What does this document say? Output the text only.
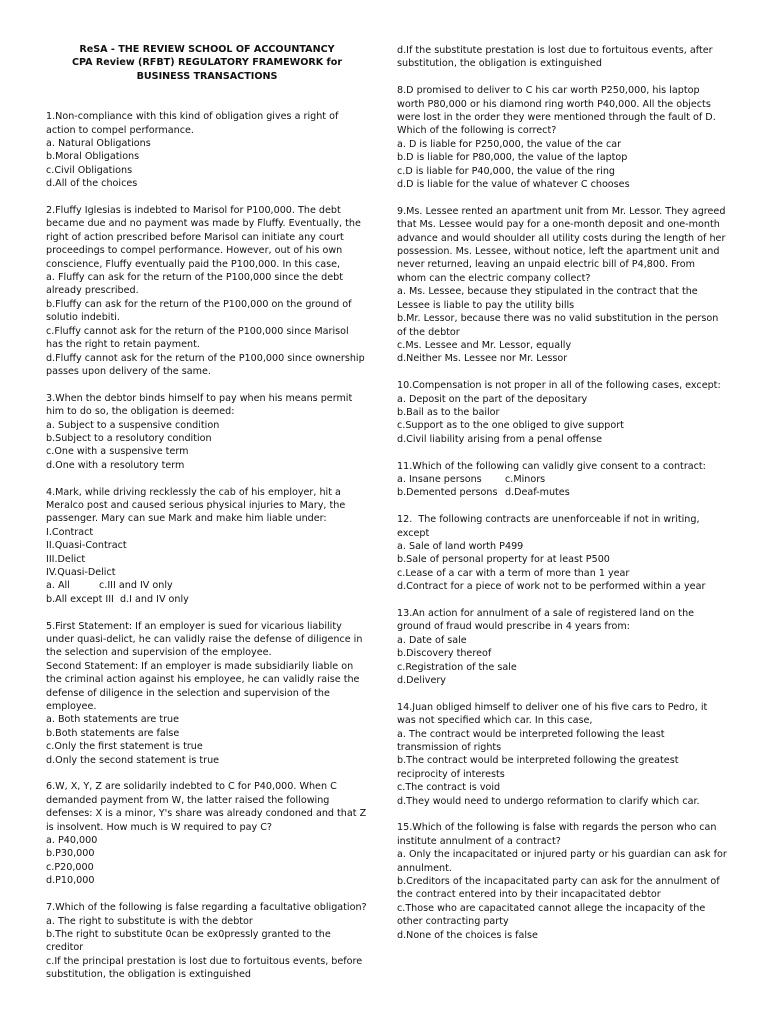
ReSA - THE REVIEW SCHOOL OF ACCOUNTANCY
CPA Review (RFBT) REGULATORY FRAMEWORK for BUSINESS TRANSACTIONS
1.Non-compliance with this kind of obligation gives a right of action to compel performance.
a. Natural Obligations
b.Moral Obligations
c.Civil Obligations
d.All of the choices
2.Fluffy Iglesias is indebted to Marisol for P100,000. The debt became due and no payment was made by Fluffy. Eventually, the right of action prescribed before Marisol can initiate any court proceedings to compel performance. However, out of his own conscience, Fluffy eventually paid the P100,000. In this case,
a. Fluffy can ask for the return of the P100,000 since the debt already prescribed.
b.Fluffy can ask for the return of the P100,000 on the ground of solutio indebiti.
c.Fluffy cannot ask for the return of the P100,000 since Marisol has the right to retain payment.
d.Fluffy cannot ask for the return of the P100,000 since ownership passes upon delivery of the same.
3.When the debtor binds himself to pay when his means permit him to do so, the obligation is deemed:
a. Subject to a suspensive condition
b.Subject to a resolutory condition
c.One with a suspensive term
d.One with a resolutory term
4.Mark, while driving recklessly the cab of his employer, hit a Meralco post and caused serious physical injuries to Mary, the passenger. Mary can sue Mark and make him liable under:
I.Contract
II.Quasi-Contract
III.Delict
IV.Quasi-Delict
a. All	c.III and IV only
b.All except III d.I and IV only
5.First Statement: If an employer is sued for vicarious liability under quasi-delict, he can validly raise the defense of diligence in the selection and supervision of the employee.
Second Statement: If an employer is made subsidiarily liable on the criminal action against his employee, he can validly raise the defense of diligence in the selection and supervision of the employee.
a. Both statements are true
b.Both statements are false
c.Only the first statement is true
d.Only the second statement is true
6.W, X, Y, Z are solidarily indebted to C for P40,000. When C demanded payment from W, the latter raised the following defenses: X is a minor, Y's share was already condoned and that Z is insolvent. How much is W required to pay C?
a. P40,000
b.P30,000
c.P20,000
d.P10,000
7.Which of the following is false regarding a facultative obligation?
a. The right to substitute is with the debtor
b.The right to substitute 0can be ex0pressly granted to the creditor
c.If the principal prestation is lost due to fortuitous events, before substitution, the obligation is extinguished
d.If the substitute prestation is lost due to fortuitous events, after substitution, the obligation is extinguished
8.D promised to deliver to C his car worth P250,000, his laptop worth P80,000 or his diamond ring worth P40,000. All the objects were lost in the order they were mentioned through the fault of D. Which of the following is correct?
a. D is liable for P250,000, the value of the car
b.D is liable for P80,000, the value of the laptop
c.D is liable for P40,000, the value of the ring
d.D is liable for the value of whatever C chooses
9.Ms. Lessee rented an apartment unit from Mr. Lessor. They agreed that Ms. Lessee would pay for a one-month deposit and one-month advance and would shoulder all utility costs during the length of her possession. Ms. Lessee, without notice, left the apartment unit and never returned, leaving an unpaid electric bill of P4,800. From whom can the electric company collect?
a. Ms. Lessee, because they stipulated in the contract that the Lessee is liable to pay the utility bills
b.Mr. Lessor, because there was no valid substitution in the person of the debtor
c.Ms. Lessee and Mr. Lessor, equally
d.Neither Ms. Lessee nor Mr. Lessor
10.Compensation is not proper in all of the following cases, except:
a. Deposit on the part of the depositary
b.Bail as to the bailor
c.Support as to the one obliged to give support
d.Civil liability arising from a penal offense
11.Which of the following can validly give consent to a contract:
a. Insane persons c.Minors
b.Demented persons d.Deaf-mutes
12.  The following contracts are unenforceable if not in writing, except
a. Sale of land worth P499
b.Sale of personal property for at least P500
c.Lease of a car with a term of more than 1 year
d.Contract for a piece of work not to be performed within a year
13.An action for annulment of a sale of registered land on the ground of fraud would prescribe in 4 years from:
a. Date of sale
b.Discovery thereof
c.Registration of the sale
d.Delivery
14.Juan obliged himself to deliver one of his five cars to Pedro, it was not specified which car. In this case,
a. The contract would be interpreted following the least transmission of rights
b.The contract would be interpreted following the greatest reciprocity of interests
c.The contract is void
d.They would need to undergo reformation to clarify which car.
15.Which of the following is false with regards the person who can institute annulment of a contract?
a. Only the incapacitated or injured party or his guardian can ask for annulment.
b.Creditors of the incapacitated party can ask for the annulment of the contract entered into by their incapacitated debtor
c.Those who are capacitated cannot allege the incapacity of the other contracting party
d.None of the choices is false
